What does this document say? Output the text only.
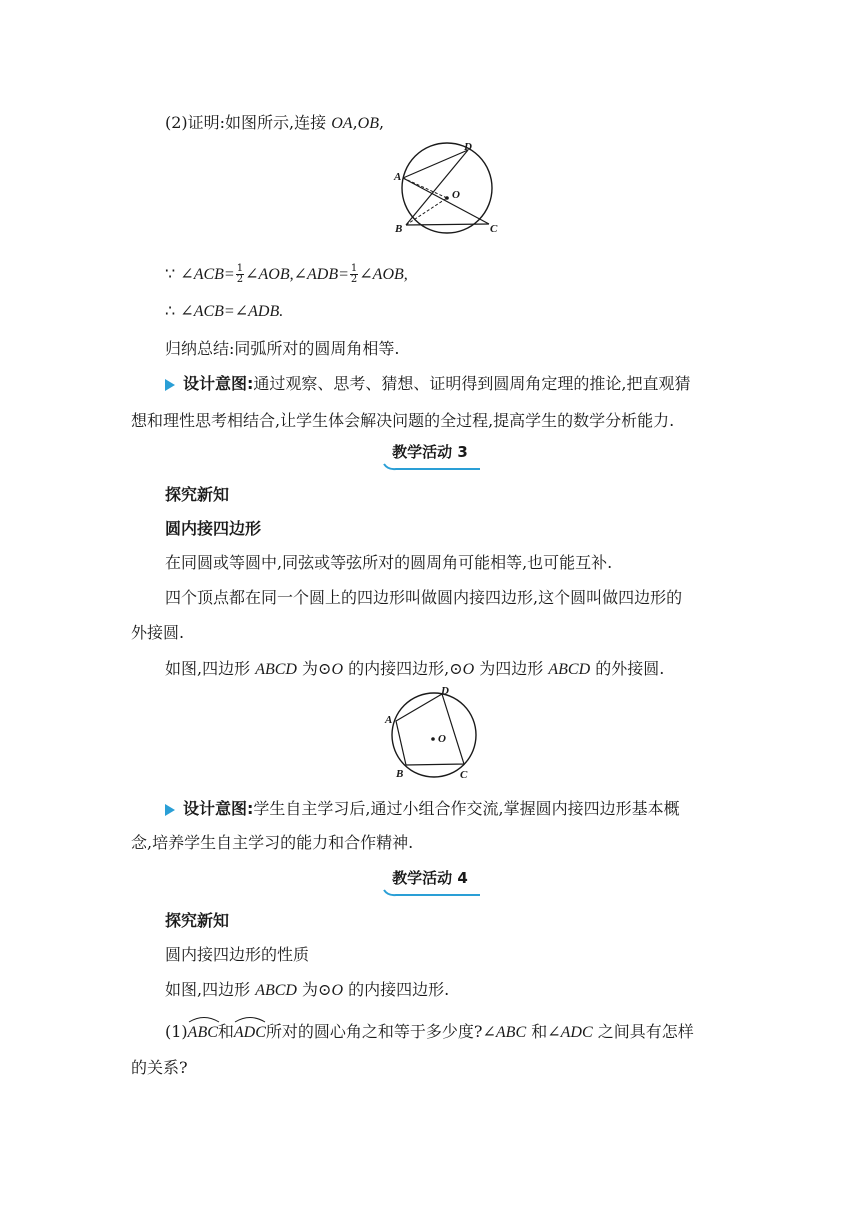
(2)证明:如图所示,连接 OA,OB,
A
B	C
D
O
∵ ∠ACB= $\frac{1}{2}$ ∠AOB,∠ADB= $\frac{1}{2}$ ∠AOB,
∴ ∠ACB=∠ADB.
归纳总结:同弧所对的圆周角相等.
设计意图:通过观察、思考、猜想、证明得到圆周角定理的推论,把直观猜
想和理性思考相结合,让学生体会解决问题的全过程,提高学生的数学分析能力.
教学活动 3
探究新知
圆内接四边形
在同圆或等圆中,同弦或等弦所对的圆周角可能相等,也可能互补.
四个顶点都在同一个圆上的四边形叫做圆内接四边形,这个圆叫做四边形的
外接圆.
如图,四边形 ABCD 为⊙O 的内接四边形,⊙O 为四边形 ABCD 的外接圆.
A
B	C
D
O
设计意图:学生自主学习后,通过小组合作交流,掌握圆内接四边形基本概
念,培养学生自主学习的能力和合作精神.
教学活动 4
探究新知
圆内接四边形的性质
如图,四边形 ABCD 为⊙O 的内接四边形.
(1)
ABC和
ADC所对的圆心角之和等于多少度?∠ABC 和∠ADC 之间具有怎样
的关系?
